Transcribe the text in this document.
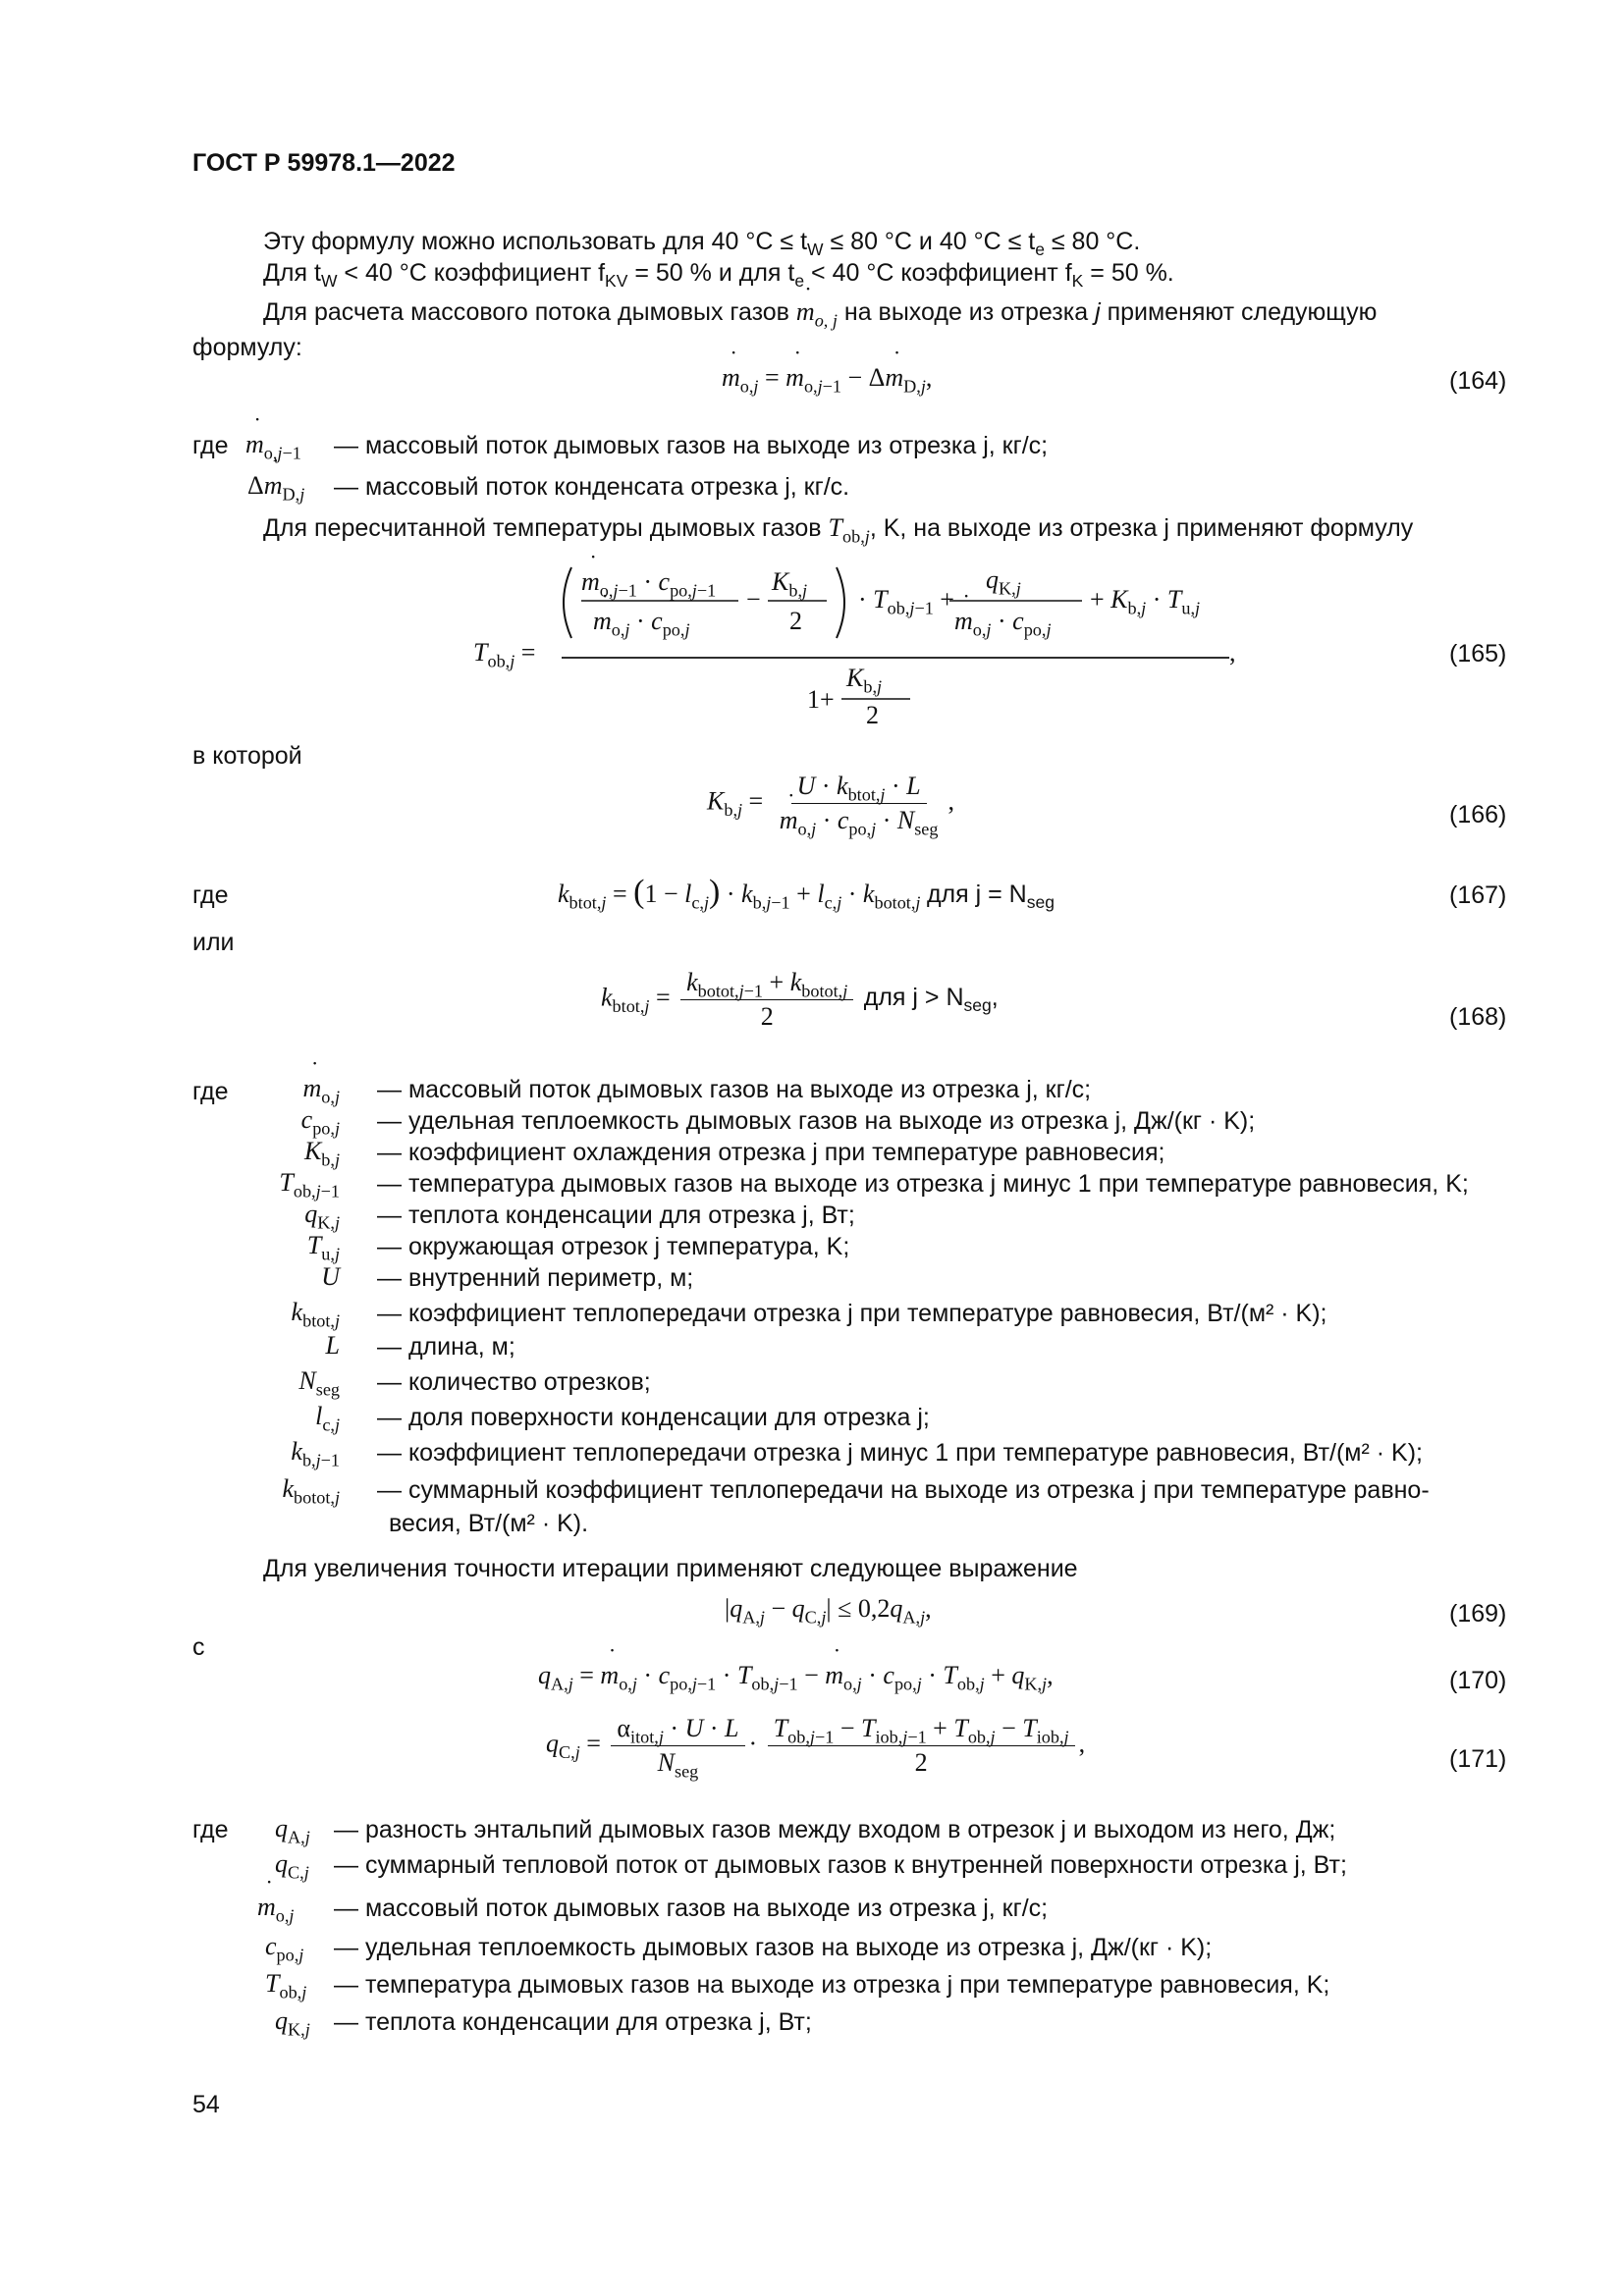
ГОСТ Р 59978.1—2022
Эту формулу можно использовать для 40 $^\circ C \le t_W \le 80$ °C и 40 $^\circ C \le t_e \le 80$ °C.
Для $t_W < 40$ °C коэффициент $f_{KV} = 50$ % и для $t_e < 40$ °C коэффициент $f_K = 50$ %.
Для расчета массового потока дымовых газов ˙ $m_{o, j}$ на выходе из отрезка j применяют следующую
формулу:
˙ $m_{o,j}$ = ˙ $m_{o,j-1}$ − Δ˙ $m_{D,j}$,	(164)
где ˙ $m_{o,j-1}$ — массовый поток дымовых газов на выходе из отрезка j, кг/с;
Δ˙ $m_{D,j}$ — массовый поток конденсата отрезка j, кг/с.
Для пересчитанной температуры дымовых газов $T_{ob,j}$, K, на выходе из отрезка j применяют формулу
$T_{ob,j}$ =
˙ $m_{o,j-1} \cdot c_{po,j-1}$
˙ $m_{o,j} \cdot c_{po,j}$
−
$K_{b,j}$
2
· $T_{ob,j-1}$ +
$q_{K,j}$
˙ $m_{o,j} \cdot c_{po,j}$
+ $K_{b,j} \cdot T_{u,j}$
,
1+
$K_{b,j}$
2
(165)
в которой
$K_{b,j} = U \cdot k_{btot,j} \cdot L$
˙ $m_{o,j} \cdot c_{po,j} \cdot N_{seg}$ ,	(166)
где	$k_{btot,j} = (1 - l_{c,j}) \cdot k_{b,j-1} + l_{c,j} \cdot k_{botot,j}$ для $j = N_{seg}$	(167)
или
$k_{btot,j} = \frac{k_{botot,j-1} + k_{botot,j}}{2}$ для $j > N_{seg}$,
(168)
где	˙ $m_{o,j}$ — массовый поток дымовых газов на выходе из отрезка j, кг/с;
$c_{po,j}$ — удельная теплоемкость дымовых газов на выходе из отрезка j, Дж/(кг · K);
$K_{b,j}$ — коэффициент охлаждения отрезка j при температуре равновесия;
$T_{ob,j-1}$ — температура дымовых газов на выходе из отрезка j минус 1 при температуре равновесия, K;
$q_{K,j}$ — теплота конденсации для отрезка j, Вт;
$T_{u,j}$ — окружающая отрезок j температура, K;
U — внутренний периметр, м;
$k_{btot,j}$ — коэффициент теплопередачи отрезка j при температуре равновесия, Вт/(м² · K);
L — длина, м;
$N_{seg}$ — количество отрезков;
$l_{c,j}$ — доля поверхности конденсации для отрезка j;
$k_{b,j-1}$ — коэффициент теплопередачи отрезка j минус 1 при температуре равновесия, Вт/(м² · K);
$k_{botot,j}$ — суммарный коэффициент теплопередачи на выходе из отрезка j при температуре равно-
весия, Вт/(м² · K).
Для увеличения точности итерации применяют следующее выражение
$|q_{A,j} - q_{C,j}| \le 0,2q_{A,j}$,	(169)
с
$q_{A,j}$ = ˙ $m_{o,j} \cdot c_{po,j-1} \cdot T_{ob,j-1}$ − ˙ $m_{o,j} \cdot c_{po,j} \cdot T_{ob,j} + q_{K,j}$,	(170)
$q_{C,j} = \frac{\alpha_{itot,j} \cdot U \cdot L}{N_{seg}} \cdot \frac{T_{ob,j-1} - T_{iob,j-1} + T_{ob,j} - T_{iob,j}}{2}$ ,
(171)
где $q_{A,j}$ — разность энтальпий дымовых газов между входом в отрезок j и выходом из него, Дж;
$q_{C,j}$ — суммарный тепловой поток от дымовых газов к внутренней поверхности отрезка j, Вт;
˙ $m_{o,j}$ — массовый поток дымовых газов на выходе из отрезка j, кг/с;
$c_{po,j}$ — удельная теплоемкость дымовых газов на выходе из отрезка j, Дж/(кг · K);
$T_{ob,j}$ — температура дымовых газов на выходе из отрезка j при температуре равновесия, K;
$q_{K,j}$ — теплота конденсации для отрезка j, Вт;
54
